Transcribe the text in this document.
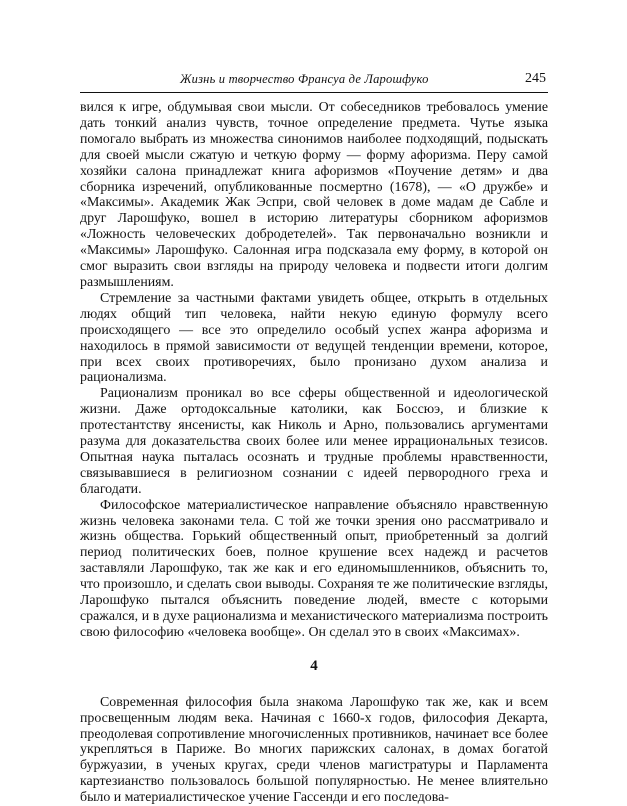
Жизнь и творчество Франсуа де Ларошфуко	245

вился к игре, обдумывая свои мысли. От собеседников требовалось умение дать тонкий анализ чувств, точное определение предмета. Чутье языка помогало выбрать из множества синонимов наиболее подходящий, подыскать для своей мысли сжатую и четкую форму — форму афоризма. Перу самой хозяйки салона принадлежат книга афоризмов «Поучение детям» и два сборника изречений, опубликованные посмертно (1678), — «О дружбе» и «Максимы». Академик Жак Эспри, свой человек в доме мадам де Сабле и друг Ларошфуко, вошел в историю литературы сборником афоризмов «Ложность человеческих добродетелей». Так первоначально возникли и «Максимы» Ларошфуко. Салонная игра подсказала ему форму, в которой он смог выразить свои взгляды на природу человека и подвести итоги долгим размышлениям.

Стремление за частными фактами увидеть общее, открыть в отдельных людях общий тип человека, найти некую единую формулу всего происходящего — все это определило особый успех жанра афоризма и находилось в прямой зависимости от ведущей тенденции времени, которое, при всех своих противоречиях, было пронизано духом анализа и рационализма.

Рационализм проникал во все сферы общественной и идеологической жизни. Даже ортодоксальные католики, как Боссюэ, и близкие к протестантству янсенисты, как Николь и Арно, пользовались аргументами разума для доказательства своих более или менее иррациональных тезисов. Опытная наука пыталась осознать и трудные проблемы нравственности, связывавшиеся в религиозном сознании с идеей первородного греха и благодати.

Философское материалистическое направление объясняло нравственную жизнь человека законами тела. С той же точки зрения оно рассматривало и жизнь общества. Горький общественный опыт, приобретенный за долгий период политических боев, полное крушение всех надежд и расчетов заставляли Ларошфуко, так же как и его единомышленников, объяснить то, что произошло, и сделать свои выводы. Сохраняя те же политические взгляды, Ларошфуко пытался объяснить поведение людей, вместе с которыми сражался, и в духе рационализма и механистического материализма построить свою философию «человека вообще». Он сделал это в своих «Максимах».

4

Современная философия была знакома Ларошфуко так же, как и всем просвещенным людям века. Начиная с 1660-х годов, философия Декарта, преодолевая сопротивление многочисленных противников, начинает все более укрепляться в Париже. Во многих парижских салонах, в домах богатой буржуазии, в ученых кругах, среди членов магистратуры и Парламента картезианство пользовалось большой популярностью. Не менее влиятельно было и материалистическое учение Гассенди и его последова-
